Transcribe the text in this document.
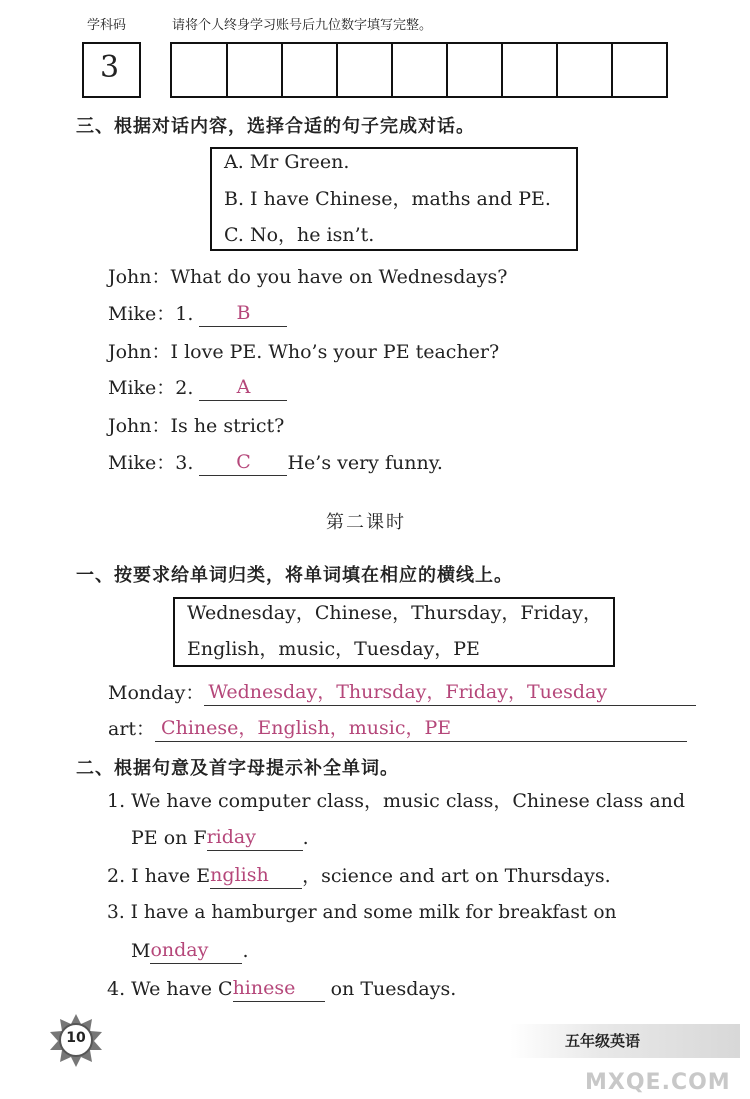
学科码	请将个人终身学习账号后九位数字填写完整。
3
三、根据对话内容，选择合适的句子完成对话。
A. Mr Green.
B. I have Chinese，maths and PE.
C. No，he isn’t.
John：What do you have on Wednesdays?
Mike：1. B
John：I love PE. Who’s your PE teacher?
Mike：2. A
John：Is he strict?
Mike：3. C He’s very funny.
第二课时
一、按要求给单词归类，将单词填在相应的横线上。
Wednesday，Chinese，Thursday，Friday，
English，music，Tuesday，PE
Monday： Wednesday，Thursday，Friday，Tuesday
art： Chinese，English，music，PE
二、根据句意及首字母提示补全单词。
1. We have computer class，music class，Chinese class and
PE on Friday .
2. I have English ，science and art on Thursdays.
3. I have a hamburger and some milk for breakfast on
Monday .
4. We have Chinese on Tuesdays.
10	五年级英语
MXQE.COM
